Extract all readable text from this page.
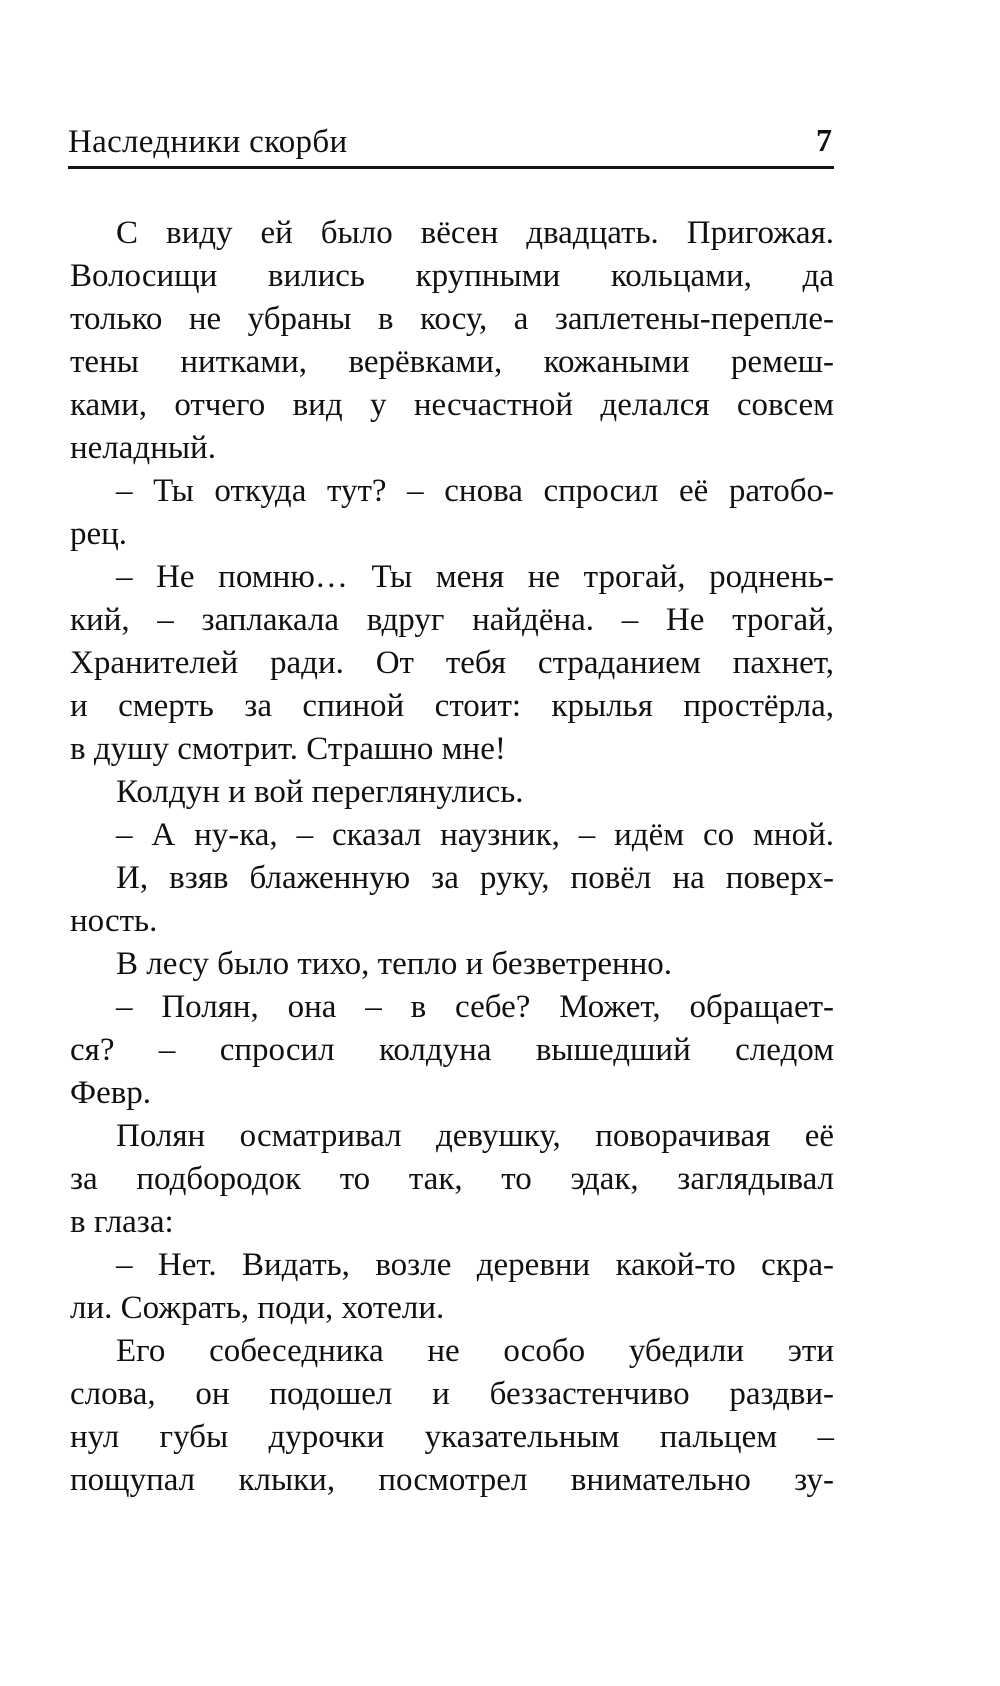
Наследники скорби	7
С виду ей было вёсен двадцать. Пригожая.
Волосищи вились крупными кольцами, да
только не убраны в косу, а заплетены-перепле-
тены нитками, верёвками, кожаными ремеш-
ками, отчего вид у несчастной делался совсем
неладный.
– Ты откуда тут? – снова спросил её ратобо-
рец.
– Не помню… Ты меня не трогай, роднень-
кий, – заплакала вдруг найдёна. – Не трогай,
Хранителей ради. От тебя страданием пахнет,
и смерть за спиной стоит: крылья простёрла,
в душу смотрит. Страшно мне!
Колдун и вой переглянулись.
– А ну-ка, – сказал наузник, – идём со мной.
И, взяв блаженную за руку, повёл на поверх-
ность.
В лесу было тихо, тепло и безветренно.
– Полян, она – в себе? Может, обращает-
ся? – спросил колдуна вышедший следом
Февр.
Полян осматривал девушку, поворачивая её
за подбородок то так, то эдак, заглядывал
в глаза:
– Нет. Видать, возле деревни какой-то скра-
ли. Сожрать, поди, хотели.
Его собеседника не особо убедили эти
слова, он подошел и беззастенчиво раздви-
нул губы дурочки указательным пальцем –
пощупал клыки, посмотрел внимательно зу-
